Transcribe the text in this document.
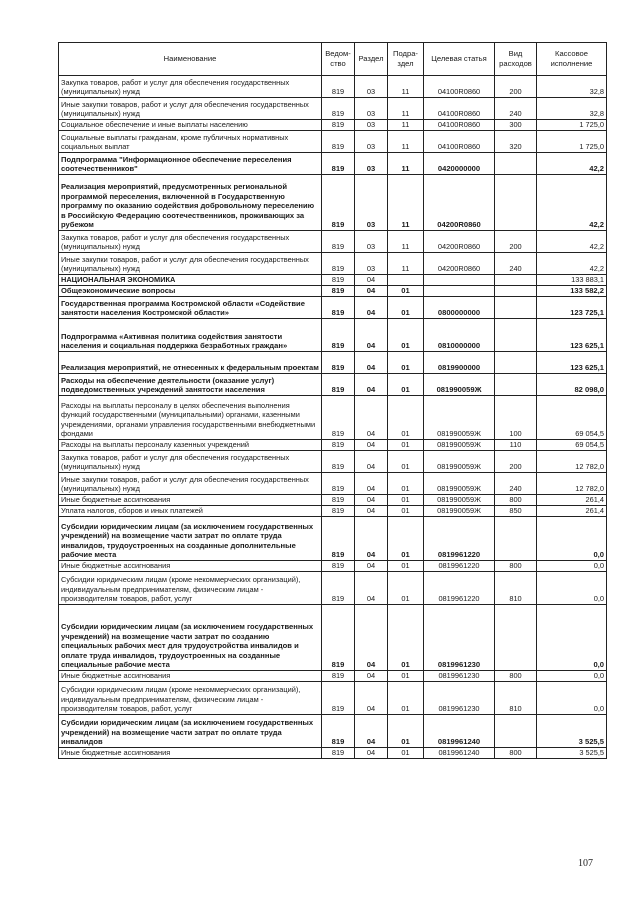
Наименование	Ведом-ство	Раздел	Подра-здел	Целевая статья	Вид расходов	Кассовое исполнение
Закупка товаров, работ и услуг для обеспечения государственных (муниципальных) нужд	819	03	11	04100R0860	200	32,8
Иные закупки товаров, работ и услуг для обеспечения государственных (муниципальных) нужд	819	03	11	04100R0860	240	32,8
Социальное обеспечение и иные выплаты населению	819	03	11	04100R0860	300	1 725,0
Социальные выплаты гражданам, кроме публичных нормативных социальных выплат	819	03	11	04100R0860	320	1 725,0
Подпрограмма "Информационное обеспечение переселения соотечественников"	819	03	11	0420000000		42,2
Реализация мероприятий, предусмотренных региональной программой переселения, включенной в Государственную программу по оказанию содействия добровольному переселению в Российскую Федерацию соотечественников, проживающих за рубежом	819	03	11	04200R0860		42,2
Закупка товаров, работ и услуг для обеспечения государственных (муниципальных) нужд	819	03	11	04200R0860	200	42,2
Иные закупки товаров, работ и услуг для обеспечения государственных (муниципальных) нужд	819	03	11	04200R0860	240	42,2
НАЦИОНАЛЬНАЯ ЭКОНОМИКА	819	04				133 883,1
Общеэкономические вопросы	819	04	01			133 582,2
Государственная программа Костромской области «Содействие занятости населения Костромской области»	819	04	01	0800000000		123 725,1
Подпрограмма «Активная политика содействия занятости населения и социальная поддержка безработных граждан»	819	04	01	0810000000		123 625,1
Реализация мероприятий, не отнесенных к федеральным проектам	819	04	01	0819900000		123 625,1
Расходы на обеспечение деятельности (оказание услуг) подведомственных учреждений занятости населения	819	04	01	081990059Ж		82 098,0
Расходы на выплаты персоналу в целях обеспечения выполнения функций государственными (муниципальными) органами, казенными учреждениями, органами управления государственными внебюджетными фондами	819	04	01	081990059Ж	100	69 054,5
Расходы на выплаты персоналу казенных учреждений	819	04	01	081990059Ж	110	69 054,5
Закупка товаров, работ и услуг для обеспечения государственных (муниципальных) нужд	819	04	01	081990059Ж	200	12 782,0
Иные закупки товаров, работ и услуг для обеспечения государственных (муниципальных) нужд	819	04	01	081990059Ж	240	12 782,0
Иные бюджетные ассигнования	819	04	01	081990059Ж	800	261,4
Уплата налогов, сборов и иных платежей	819	04	01	081990059Ж	850	261,4
Субсидии юридическим лицам (за исключением государственных учреждений) на возмещение части затрат по оплате труда инвалидов, трудоустроенных на созданные дополнительные рабочие места	819	04	01	0819961220		0,0
Иные бюджетные ассигнования	819	04	01	0819961220	800	0,0
Субсидии юридическим лицам (кроме некоммерческих организаций), индивидуальным предпринимателям, физическим лицам - производителям товаров, работ, услуг	819	04	01	0819961220	810	0,0
Субсидии юридическим лицам (за исключением государственных учреждений) на возмещение части затрат по созданию специальных рабочих мест для трудоустройства инвалидов и оплате труда инвалидов, трудоустроенных на созданные специальные рабочие места	819	04	01	0819961230		0,0
Иные бюджетные ассигнования	819	04	01	0819961230	800	0,0
Субсидии юридическим лицам (кроме некоммерческих организаций), индивидуальным предпринимателям, физическим лицам - производителям товаров, работ, услуг	819	04	01	0819961230	810	0,0
Субсидии юридическим лицам (за исключением государственных учреждений) на возмещение части затрат по оплате труда инвалидов	819	04	01	0819961240		3 525,5
Иные бюджетные ассигнования	819	04	01	0819961240	800	3 525,5
107
